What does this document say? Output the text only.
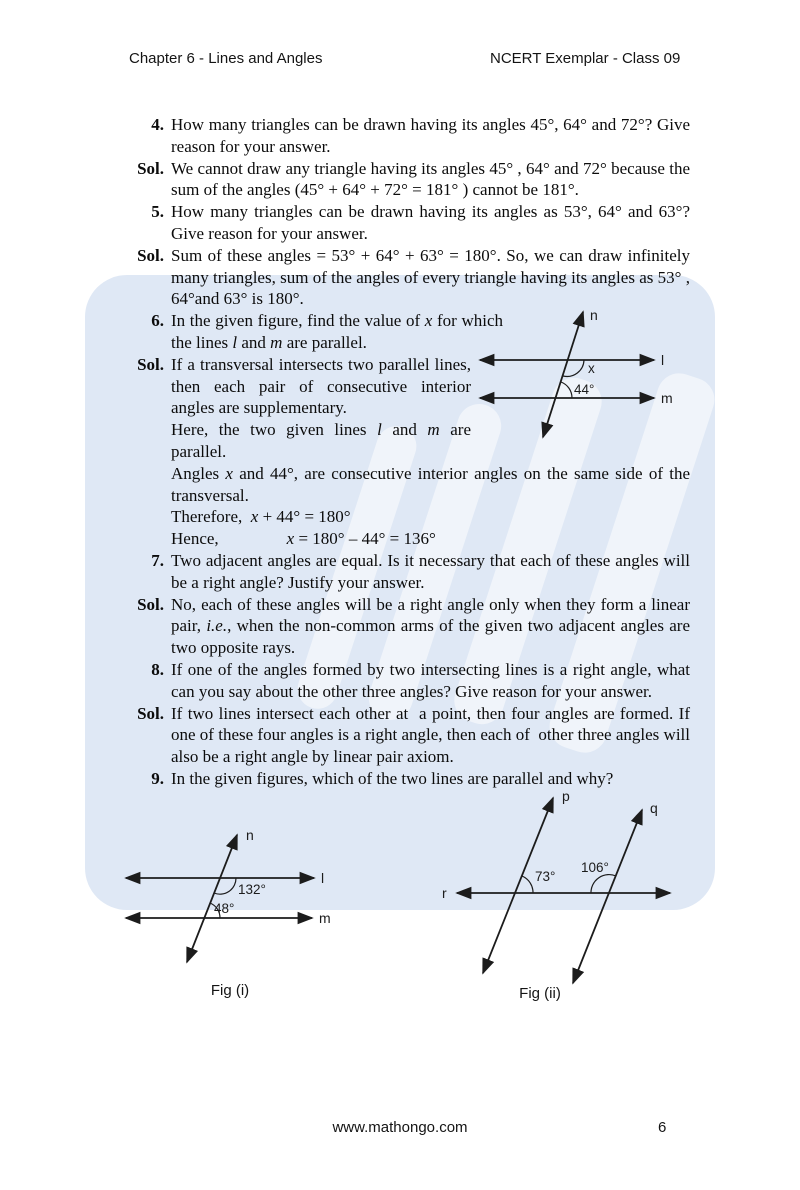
Chapter 6 - Lines and Angles	NCERT Exemplar - Class 09
4. How many triangles can be drawn having its angles 45°, 64° and 72°? Give reason for your answer.
Sol. We cannot draw any triangle having its angles 45° , 64° and 72° because the sum of the angles (45° + 64° + 72° = 181° ) cannot be 181°.
5. How many triangles can be drawn having its angles as 53°, 64° and 63°? Give reason for your answer.
Sol. Sum of these angles = 53° + 64° + 63° = 180°. So, we can draw infinitely many triangles, sum of the angles of every triangle having its angles as 53° , 64°and 63° is 180°.
6. In the given figure, find the value of x for which the lines l and m are parallel.
Sol. If a transversal intersects two parallel lines, then each pair of consecutive interior angles are supplementary.
Here, the two given lines l and m are parallel.
Angles x and 44°, are consecutive interior angles on the same side of the transversal.
Therefore,  x + 44° = 180°
Hence,                x = 180° – 44° = 136°
7. Two adjacent angles are equal. Is it necessary that each of these angles will be a right angle? Justify your answer.
Sol. No, each of these angles will be a right angle only when they form a linear pair, i.e., when the non-common arms of the given two adjacent angles are two opposite rays.
8. If one of the angles formed by two intersecting lines is a right angle, what can you say about the other three angles? Give reason for your answer.
Sol. If two lines intersect each other at  a point, then four angles are formed. If one of these four angles is a right angle, then each of  other three angles will also be a right angle by linear pair axiom.
9. In the given figures, which of the two lines are parallel and why?
n
l
m
x
44°
n
l
m
132°
48°
Fig (i)
p
q
r
73°
106°
Fig (ii)
www.mathongo.com	6
